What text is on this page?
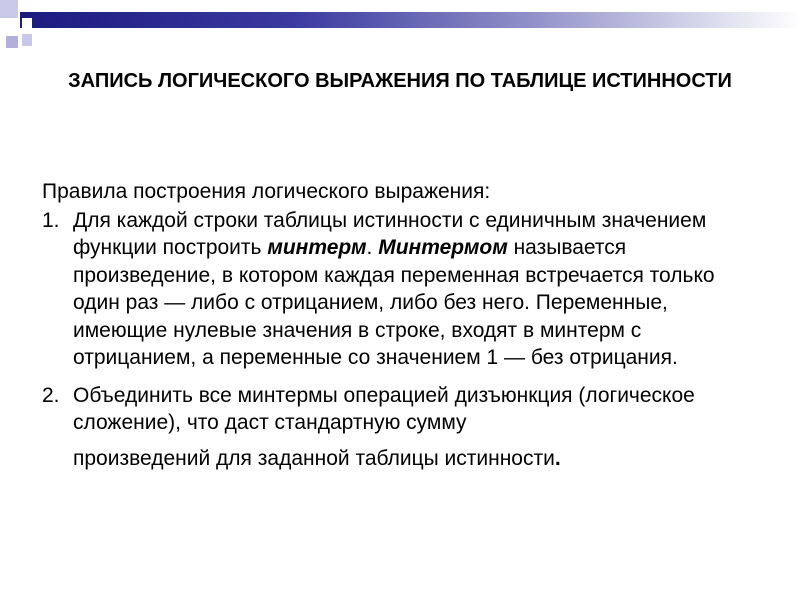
ЗАПИСЬ ЛОГИЧЕСКОГО ВЫРАЖЕНИЯ ПО ТАБЛИЦЕ ИСТИННОСТИ

Правила построения логического выражения:

1. Для каждой строки таблицы истинности с единичным значением функции построить минтерм. Минтермом называется произведение, в котором каждая переменная встречается только один раз — либо с отрицанием, либо без него. Переменные, имеющие нулевые значения в строке, входят в минтерм с отрицанием, а переменные со значением 1 — без отрицания.
2. Объединить все минтермы операцией дизъюнкция (логическое сложение), что даст стандартную сумму
произведений для заданной таблицы истинности.
